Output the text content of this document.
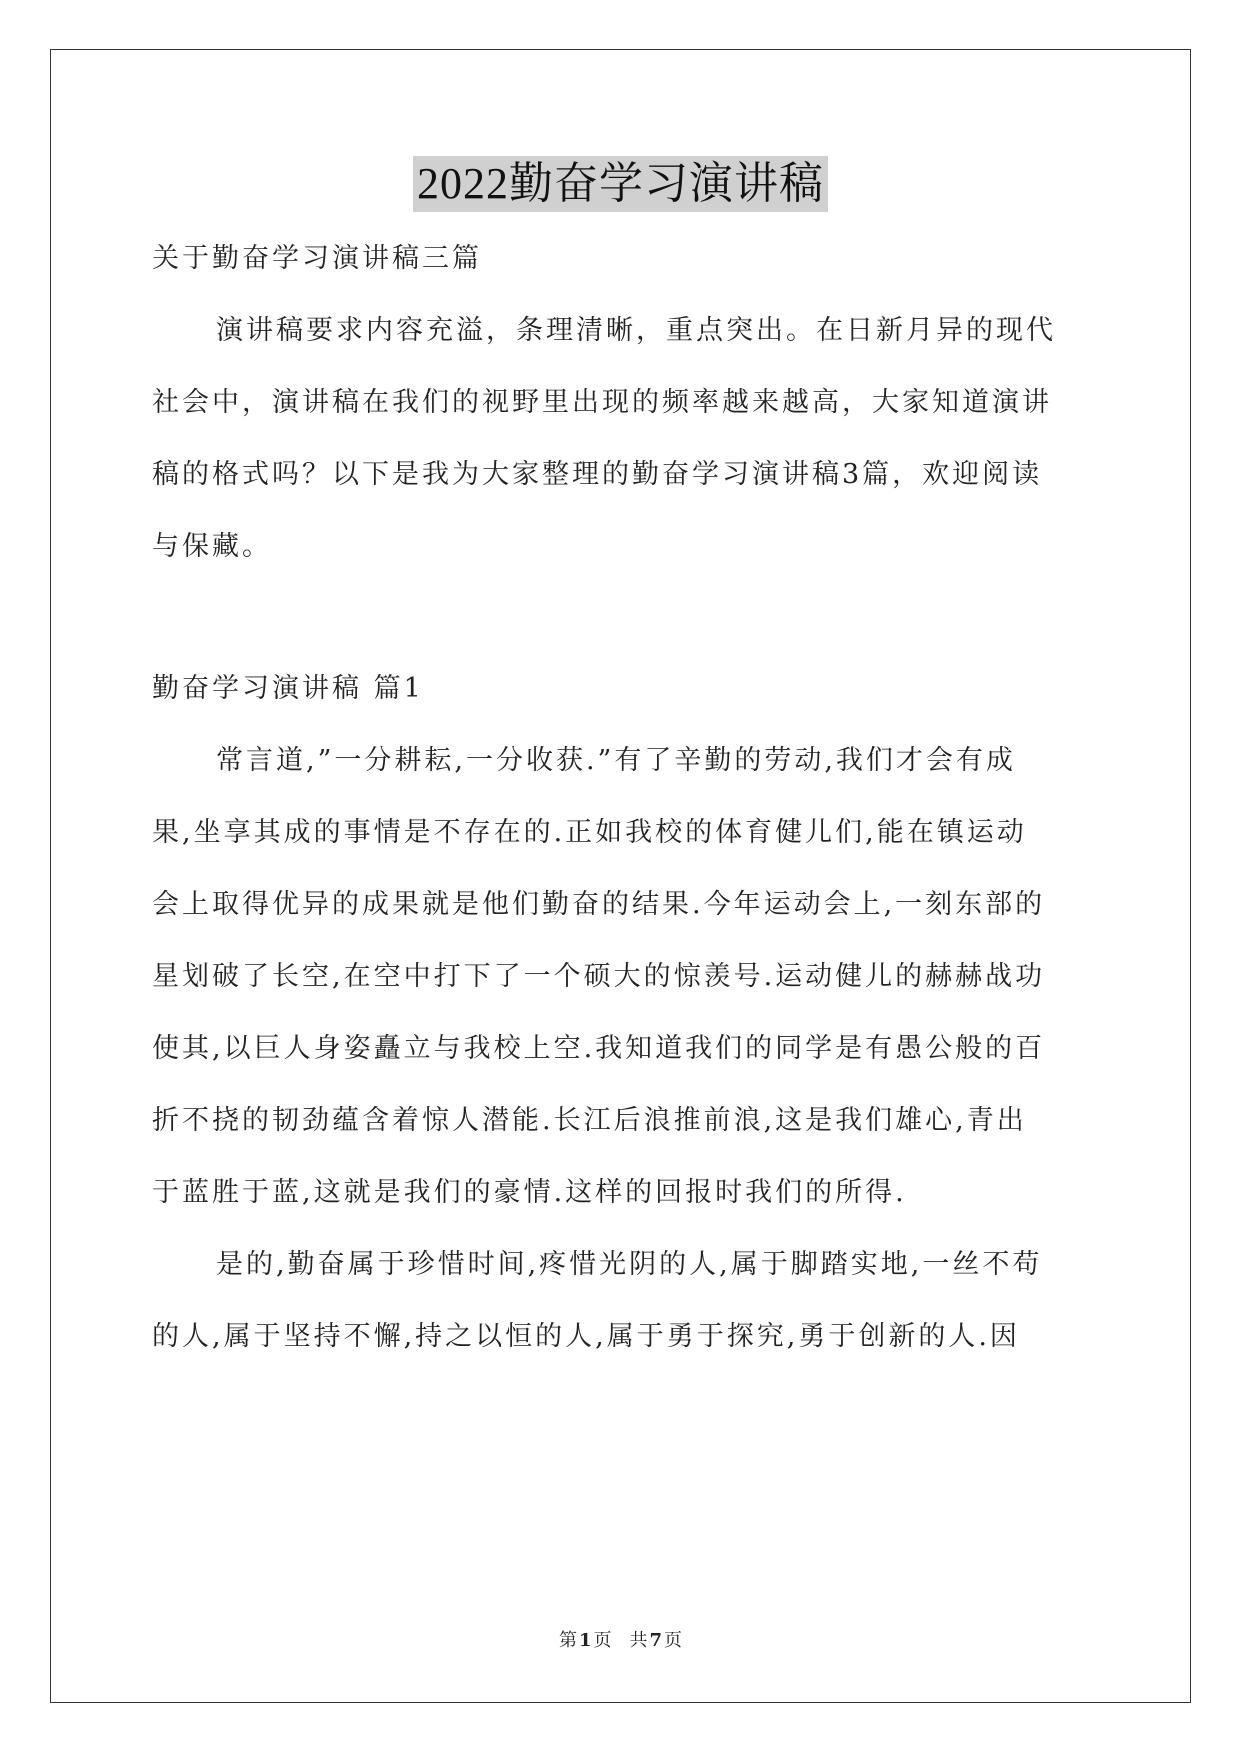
2022勤奋学习演讲稿
关于勤奋学习演讲稿三篇
演讲稿要求内容充溢，条理清晰，重点突出。在日新月异的现代
社会中，演讲稿在我们的视野里出现的频率越来越高，大家知道演讲
稿的格式吗？以下是我为大家整理的勤奋学习演讲稿3篇，欢迎阅读
与保藏。
勤奋学习演讲稿 篇1
常言道,”一分耕耘,一分收获.”有了辛勤的劳动,我们才会有成
果,坐享其成的事情是不存在的.正如我校的体育健儿们,能在镇运动
会上取得优异的成果就是他们勤奋的结果.今年运动会上,一刻东部的
星划破了长空,在空中打下了一个硕大的惊羡号.运动健儿的赫赫战功
使其,以巨人身姿矗立与我校上空.我知道我们的同学是有愚公般的百
折不挠的韧劲蕴含着惊人潜能.长江后浪推前浪,这是我们雄心,青出
于蓝胜于蓝,这就是我们的豪情.这样的回报时我们的所得.
是的,勤奋属于珍惜时间,疼惜光阴的人,属于脚踏实地,一丝不苟
的人,属于坚持不懈,持之以恒的人,属于勇于探究,勇于创新的人.因
第 1 页 共 7 页
